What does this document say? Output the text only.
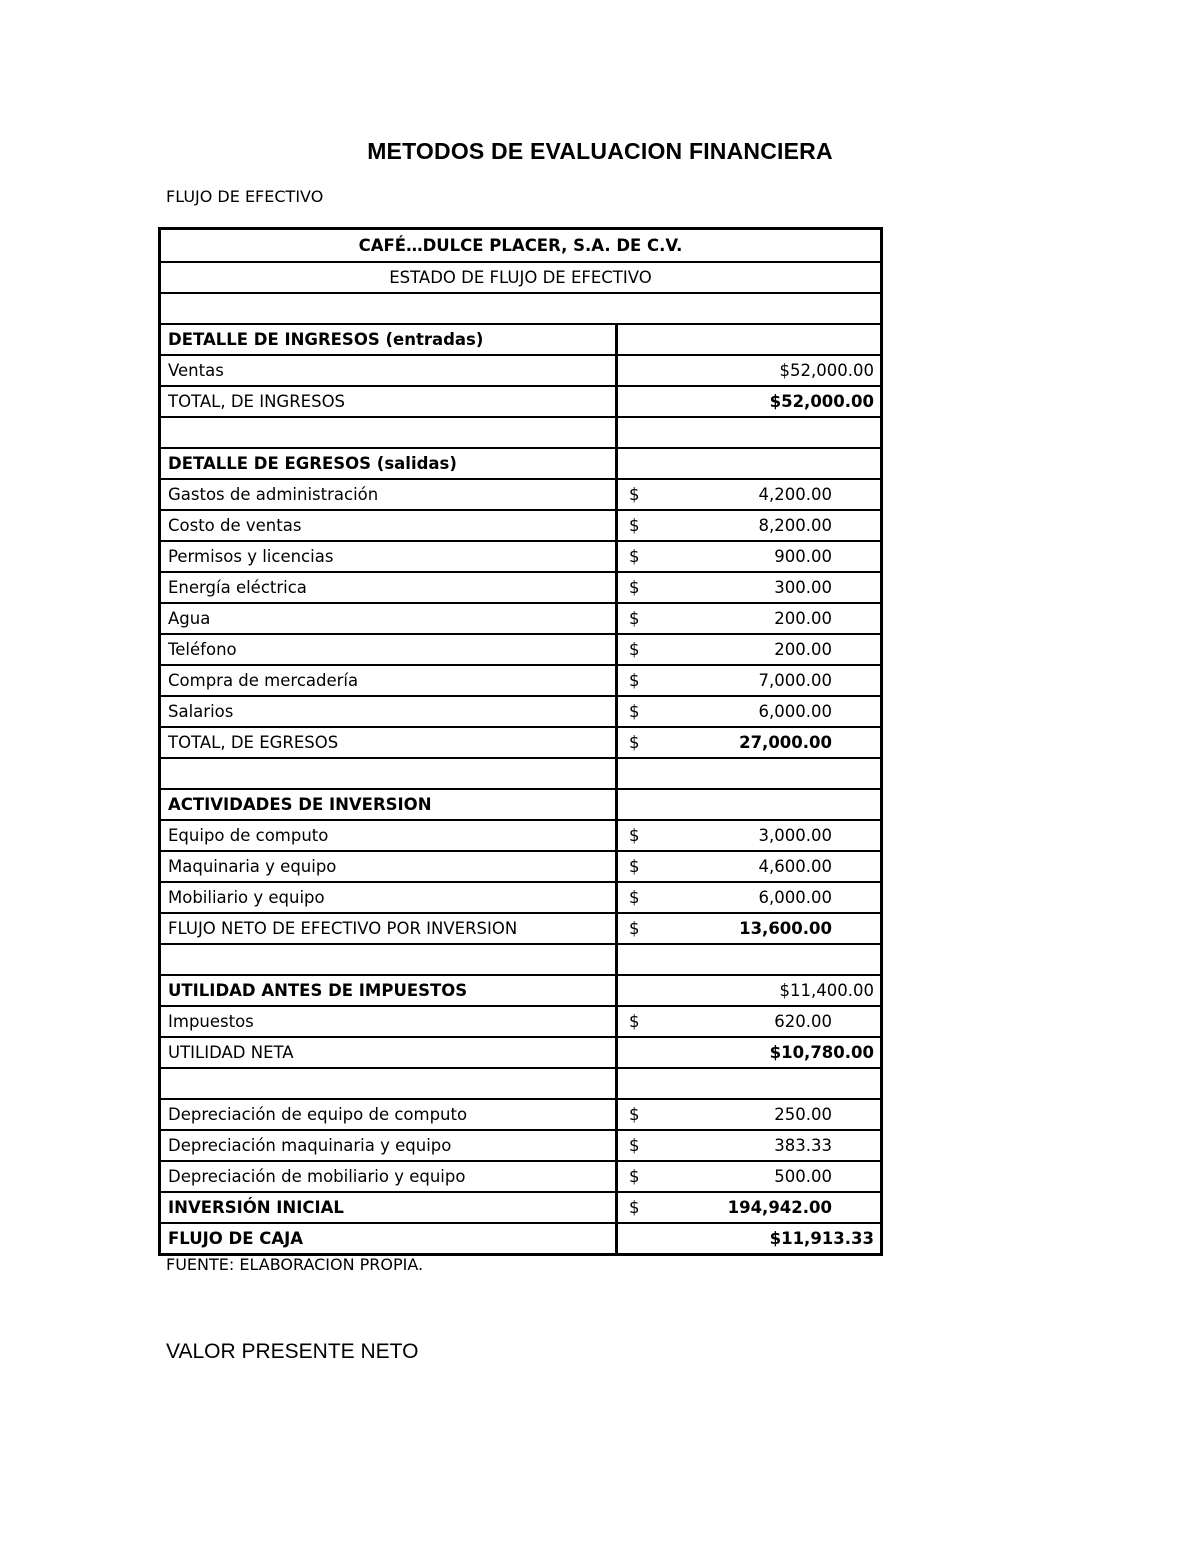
METODOS DE EVALUACION FINANCIERA
FLUJO DE EFECTIVO
CAFÉ…DULCE PLACER, S.A. DE C.V.
ESTADO DE FLUJO DE EFECTIVO
DETALLE DE INGRESOS (entradas)
Ventas	$52,000.00
TOTAL, DE INGRESOS	$52,000.00
DETALLE DE EGRESOS (salidas)
Gastos de administración	$	4,200.00
Costo de ventas	$	8,200.00
Permisos y licencias	$	900.00
Energía eléctrica	$	300.00
Agua	$	200.00
Teléfono	$	200.00
Compra de mercadería	$	7,000.00
Salarios	$	6,000.00
TOTAL, DE EGRESOS	$	27,000.00
ACTIVIDADES DE INVERSION
Equipo de computo	$	3,000.00
Maquinaria y equipo	$	4,600.00
Mobiliario y equipo	$	6,000.00
FLUJO NETO DE EFECTIVO POR INVERSION	$	13,600.00
UTILIDAD ANTES DE IMPUESTOS	$11,400.00
Impuestos	$	620.00
UTILIDAD NETA	$10,780.00
Depreciación de equipo de computo	$	250.00
Depreciación maquinaria y equipo	$	383.33
Depreciación de mobiliario y equipo	$	500.00
INVERSIÓN INICIAL	$	194,942.00
FLUJO DE CAJA	$11,913.33
FUENTE: ELABORACION PROPIA.
VALOR PRESENTE NETO
